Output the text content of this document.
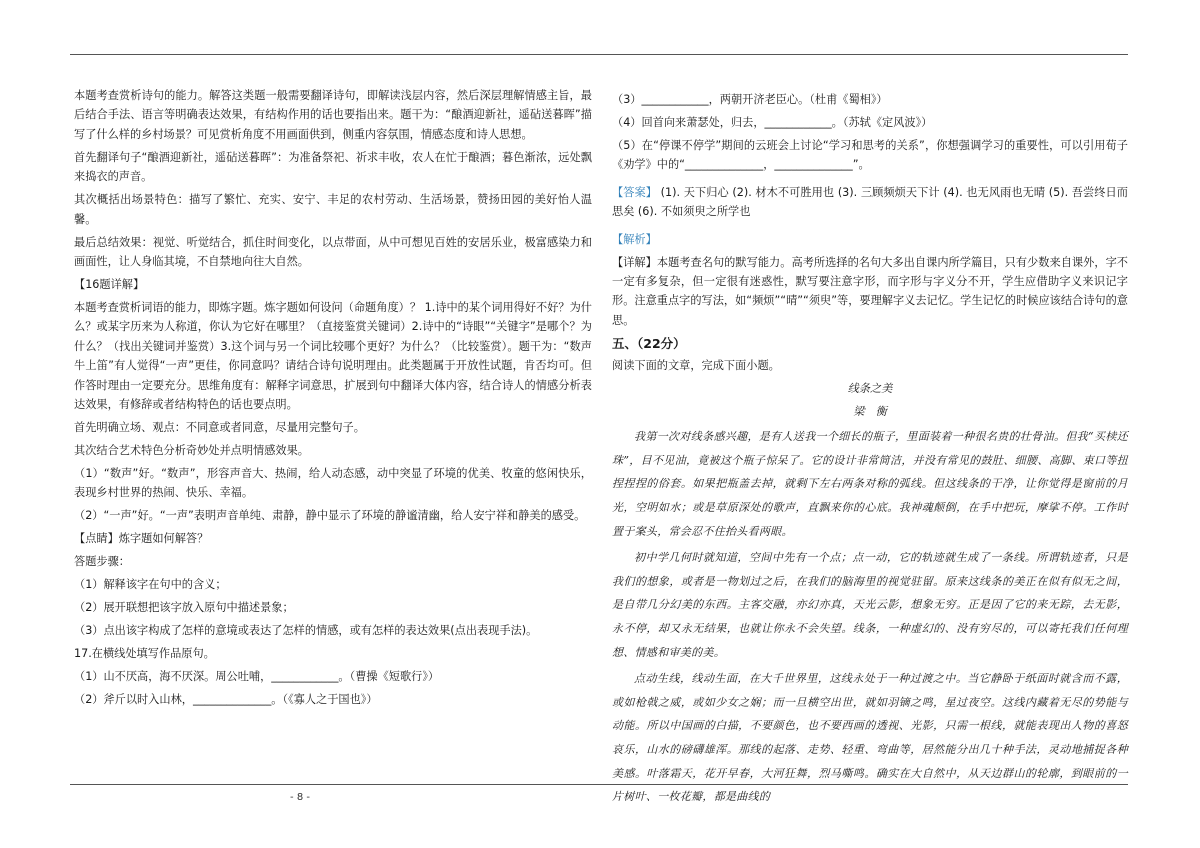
本题考查赏析诗句的能力。解答这类题一般需要翻译诗句，即解读浅层内容，然后深层理解情感主旨，最后结合手法、语言等明确表达效果，有结构作用的话也要指出来。题干为：“酿酒迎新社，遥砧送暮晖”描写了什么样的乡村场景？可见赏析角度不用画面供到，侧重内容氛围，情感态度和诗人思想。

首先翻译句子“酿酒迎新社，遥砧送暮晖”：为准备祭祀、祈求丰收，农人在忙于酿酒；暮色渐浓，远处飘来捣衣的声音。

其次概括出场景特色：描写了繁忙、充实、安宁、丰足的农村劳动、生活场景，赞扬田园的美好怡人温馨。

最后总结效果：视觉、听觉结合，抓住时间变化，以点带面，从中可想见百姓的安居乐业，极富感染力和画面性，让人身临其境，不自禁地向往大自然。

【16题详解】

本题考查赏析词语的能力，即炼字题。炼字题如何设问（命题角度）？ 1.诗中的某个词用得好不好？为什么？或某字历来为人称道，你认为它好在哪里？（直接鉴赏关键词）2.诗中的“诗眼”“关键字”是哪个？为什么？（找出关键词并鉴赏）3.这个词与另一个词比较哪个更好？为什么？（比较鉴赏）。题干为：“数声牛上笛”有人觉得“一声”更佳，你同意吗？请结合诗句说明理由。此类题属于开放性试题，肯否均可。但作答时理由一定要充分。思维角度有：解释字词意思，扩展到句中翻译大体内容，结合诗人的情感分析表达效果，有修辞或者结构特色的话也要点明。

首先明确立场、观点：不同意或者同意，尽量用完整句子。

其次结合艺术特色分析奇妙处并点明情感效果。

（1）“数声”好。“数声”，形容声音大、热闹，给人动态感，动中突显了环境的优美、牧童的悠闲快乐，表现乡村世界的热闹、快乐、幸福。

（2）“一声”好。“一声”表明声音单纯、肃静，静中显示了环境的静谧清幽，给人安宁祥和静美的感受。

【点睛】炼字题如何解答？

答题步骤：

（1）解释该字在句中的含义；

（2）展开联想把该字放入原句中描述景象；

（3）点出该字构成了怎样的意境或表达了怎样的情感，或有怎样的表达效果(点出表现手法)。

17.在横线处填写作品原句。

（1）山不厌高，海不厌深。周公吐哺，____________。（曹操《短歌行》）

（2）斧斤以时入山林，______________。（《寡人之于国也》）

（3）____________，两朝开济老臣心。（杜甫《蜀相》）

（4）回首向来萧瑟处，归去，____________。（苏轼《定风波》）

（5）在“停课不停学”期间的云班会上讨论“学习和思考的关系”，你想强调学习的重要性，可以引用荀子《劝学》中的“______________，______________”。

【答案】 (1). 天下归心 (2). 材木不可胜用也 (3). 三顾频烦天下计 (4). 也无风雨也无晴 (5). 吾尝终日而思矣 (6). 不如须臾之所学也

【解析】

【详解】本题考查名句的默写能力。高考所选择的名句大多出自课内所学篇目，只有少数来自课外，字不一定有多复杂，但一定很有迷惑性，默写要注意字形，而字形与字义分不开，学生应借助字义来识记字形。注意重点字的写法，如“频烦”“晴”“须臾”等，要理解字义去记忆。学生记忆的时候应该结合诗句的意思。

五、（22分）

阅读下面的文章，完成下面小题。

线条之美

梁　衡

我第一次对线条感兴趣，是有人送我一个细长的瓶子，里面装着一种很名贵的壮骨油。但我“买椟还珠”，目不见油，竟被这个瓶子惊呆了。它的设计非常简洁，并没有常见的鼓肚、细腰、高脚、束口等扭捏捏捏的俗套。如果把瓶盖去掉，就剩下左右两条对称的弧线。但这线条的干净，让你觉得是窗前的月光，空明如水；或是草原深处的歌声，直飘来你的心底。我神魂颠倒，在手中把玩，摩挲不停。工作时置于案头，常会忍不住抬头看两眼。

初中学几何时就知道，空间中先有一个点；点一动，它的轨迹就生成了一条线。所谓轨迹者，只是我们的想象，或者是一物划过之后，在我们的脑海里的视觉驻留。原来这线条的美正在似有似无之间，是自带几分幻美的东西。主客交融，亦幻亦真，天光云影，想象无穷。正是因了它的来无踪，去无影，永不停，却又永无结果，也就让你永不会失望。线条，一种虚幻的、没有穷尽的，可以寄托我们任何理想、情感和审美的美。

点动生线，线动生面，在大千世界里，这线永处于一种过渡之中。当它静卧于纸面时就含而不露，或如枪戟之威，或如少女之娴；而一旦横空出世，就如羽镝之鸣，星过夜空。这线内藏着无尽的势能与动能。所以中国画的白描，不要颜色，也不要西画的透视、光影，只需一根线，就能表现出人物的喜怒哀乐，山水的磅礴雄浑。那线的起落、走势、轻重、弯曲等，居然能分出几十种手法，灵动地捕捉各种美感。叶落霜天，花开早春，大河狂舞，烈马嘶鸣。确实在大自然中，从天边群山的轮廓，到眼前的一片树叶、一枚花瓣，都是曲线的

- 8 -
